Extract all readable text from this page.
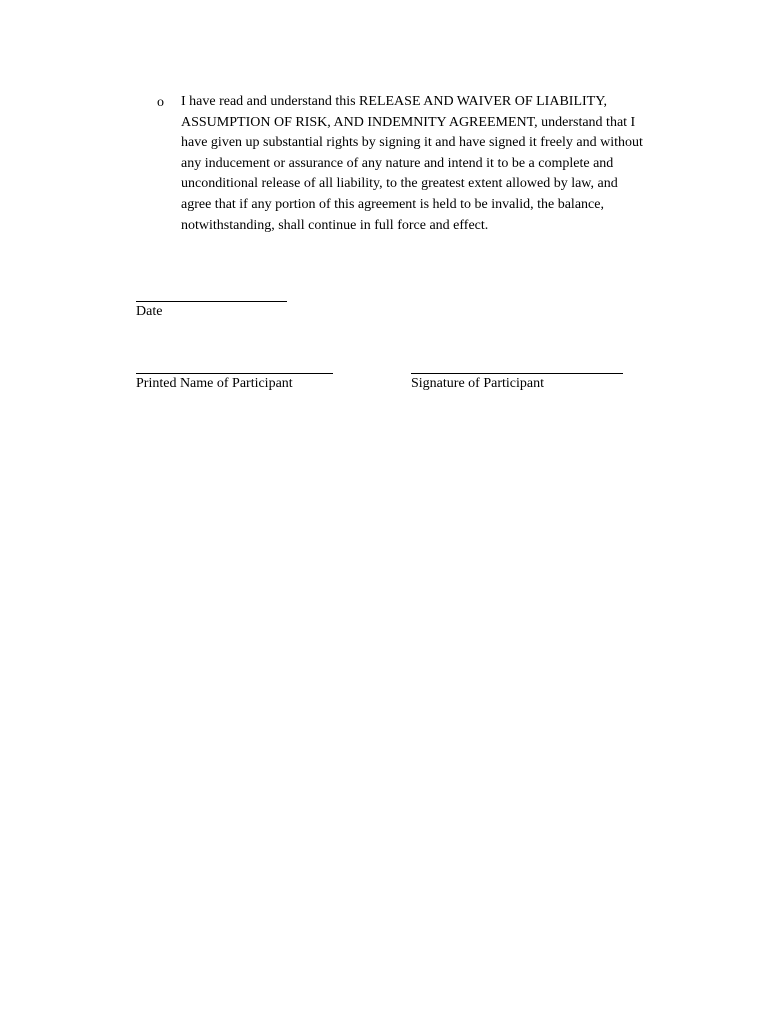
o I have read and understand this RELEASE AND WAIVER OF LIABILITY,
ASSUMPTION OF RISK, AND INDEMNITY AGREEMENT, understand that I
have given up substantial rights by signing it and have signed it freely and without
any inducement or assurance of any nature and intend it to be a complete and
unconditional release of all liability, to the greatest extent allowed by law, and
agree that if any portion of this agreement is held to be invalid, the balance,
notwithstanding, shall continue in full force and effect.
Date
Printed Name of Participant	Signature of Participant
